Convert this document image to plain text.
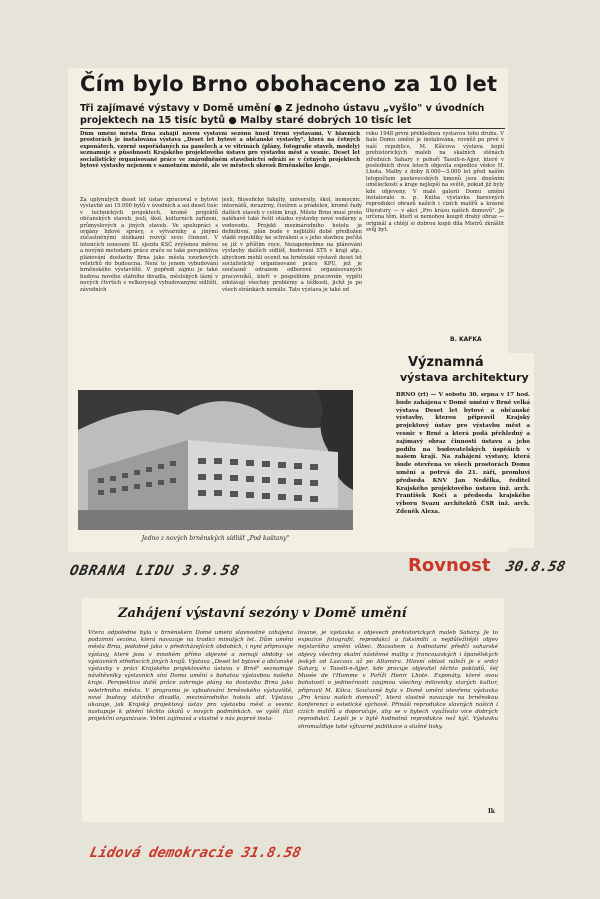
Čím bylo Brno obohaceno za 10 let
Tři zajímavé výstavy v Domě umění ● Z jednoho ústavu „vyšlo" v úvodních projektech na 15 tisíc bytů ● Malby staré dobrých 10 tisíc let
Dům umění města Brna zahájil novou výstavní sezónu hned třemi výstavami. V hlavních prostorách je instalována výstava „Deset let bytové a občanské výstavby", která na četných exponátech, vzorně uspořádaných na panelech a ve vitrínách (plány, fotografie staveb, modely) seznamuje s působností Krajského projektového ústavu pro výstavbu měst a vesnic. Deset let socialistický organisované práce ve znárodněném stavebnictví odráží se v četných projektech bytové výstavby nejenom v samotném městě, ale ve městech okresů Brněnského kraje.
Za uplynulých deset let ústav zpracoval v bytové výstavbě asi 15.000 bytů v úvodních a asi deset tisíc v technických projektech, kromě projektů občanských staveb, jeslí, škol, kulturních zařízení, průmyslových a jiných staveb. Ve spolupráci s orgány lidové správy, s výtvarníky a jinými zúčastněnými složkami rozvíjí svou činnost. V intencích usnesení XI. sjezdu KSČ zvýšenou měrou a novými metodami práce zrače se také perspektiva plánování dostavby Brna jako města vzorkových veletrhů do budoucna. Není to jenom vybudování brněnského výstaviště. V popředí zájmu je také budova nového státního divadla, městských lázní v nových čtvrtích s velkorysejí vybudovanými sídlišti, závodních
jeslí, filosofické fakulty, university, škol, nemocnic, internátů, mrazírny, čistíren a prádelen, kromě řady dalších staveb v celém kraji. Město Brno musí proto naléhavě také řešit otázku výstavby nové vodárny a vodovodu. Projekt mezinárodního hotelu je definitivní, plán bude v nejbližší době předložen vládě republiky ke schválení a s jeho stavbou počítá se již v příštím roce. Nezapomeňme na plánování výstavby dalších sídlišť, budování STS v kraji atp., abychom mohli ocenit na brněnské výstavě deset let socialistický organisované práce KPÚ, jež je současně odrazem odborové organisovaných pracovníků, kteří v pospolitém pracovním vypětí zdolávají všechny problémy a těžkosti, jichž je po všech stránkách nemálo. Tato výstava je také od
roku 1948 první přehlednou výstavou toho druhu. V hale Domu umění je instalována, rovněž po prvé v naší republice, M. Kšicova výstava kopií prehistorických maleb na skalních stěnách středních Sahary v pohoří Tassili-n-Ajjer, které v posledních dvou letech objevila expedice vědce H. Lhota. Malby z doby 8.000—3.000 let před naším letopočtem pastevecských kmenů jsou dnešním uměleckostí a kraje nejlepší na světě, pokud již byly kde objeveny. V malé galerii Domu umění instalovalo n. p. Kniha výstavku barevných reprodukcí obrazů našich i cizích malířů a krásné literatury — v akci „Pro krásu našich domovů". Je určena těm, kteří si nemohou koupit drahý obraz — originál a chtějí si dobrou kopii díla Mistrů zkrášlit svůj byt.
B. KAFKA
Jedno z nových brněnských sídlišť „Pod kaštany"
Významná
výstava architektury
BRNO (rt) — V sobotu 30. srpna v 17 hod. bude zahájena v Domě umění v Brně velká výstava Deset let bytové a občanské výstavby, kterou připravil Krajský projektový ústav pro výstavbu měst a vesnic v Brně a která podá přehledný a zajímavý obraz činnosti ústavu a jeho podílu na budovatelských úspěších v našem kraji. Na zahájení výstavy, která bude otevřena ve všech prostorách Domu umění a potrvá do 21. září, promluví předseda KNV Jan Nedělka, ředitel Krajského projektového ústavu inž. arch. František Kočí a předseda krajského výboru Svazu architektů ČSR inž. arch. Zdeněk Alexa.
OBRANA LIDU 3.9.58	Rovnost 30.8.58
Zahájení výstavní sezóny v Domě umění
Včera odpoledne byla v brněnském Domě umění slavnostně zahájena podzimní sezóna, která navazuje na tradici minulých let. Dům umění města Brna, podobně jako v předcházejících obdobích, i nyní připravuje výstavy, které jsou v mnohém přímo objevné a nemají obdoby ve výstavních střediscích jiných krajů. Výstava „Deset let bytové a občanské výstavby v práci Krajského projektového ústavu v Brně" seznamuje návštěvníky výstavních síní Domu umění s bohatou výstavbou našeho kraje. Perspektiva další práce zahrnuje plány na dostavbu Brna jako veletrhního města. V programu je vybudování brněnského výstaviště, nové budovy státního divadla, mezinárodního hotelu atd. Výstava ukazuje, jak Krajský projektový ústav pro výstavbu měst a vesnic nastupuje k plnění těchto úkolů v nových podmínkách, ve vyšší fázi projekční organizace. Velmi zajímavá a vlastně v nás poprvé insta-
lované, je výstavka s objevech prehistorických maleb Sahary. Je to expozice fotografií, reprodukcí a faksimilií a nejdůležitější objev nejstaršího umění vůbec. Rozsahem a hodnotami předčí saharské objevy všechny skalní nástěnné malby z francouzských i španělských jeskyň od Lascaux až po Altamiru. Hlavní oblast náleží je v srdci Sahary, v Tassili-n-Ajjer, kde pracuje objevitel těchto pokladů, šéf Musée de l'Homme v Paříži Henri Lhote. Exponáty, které svou bohatostí o jedinečnosti zaujmou všechny milovníky starých kultur, připravil M. Kšica. Současně byla v Domě umění otevřena výstavka „Pro krásu našich domovů", která vlastně navazuje na brněnskou konferenci o estetické výchově. Přináší reprodukce slavných našich i cizích malířů a doporučuje, aby se v bytech využívalo více dobrých reprodukcí. Lepší je v bytě hodnotná reprodukce než kýč. Výstavku shromažďuje také výtvarné publikace a slušné tisky.
Ik
Lidová demokracie 31.8.58
